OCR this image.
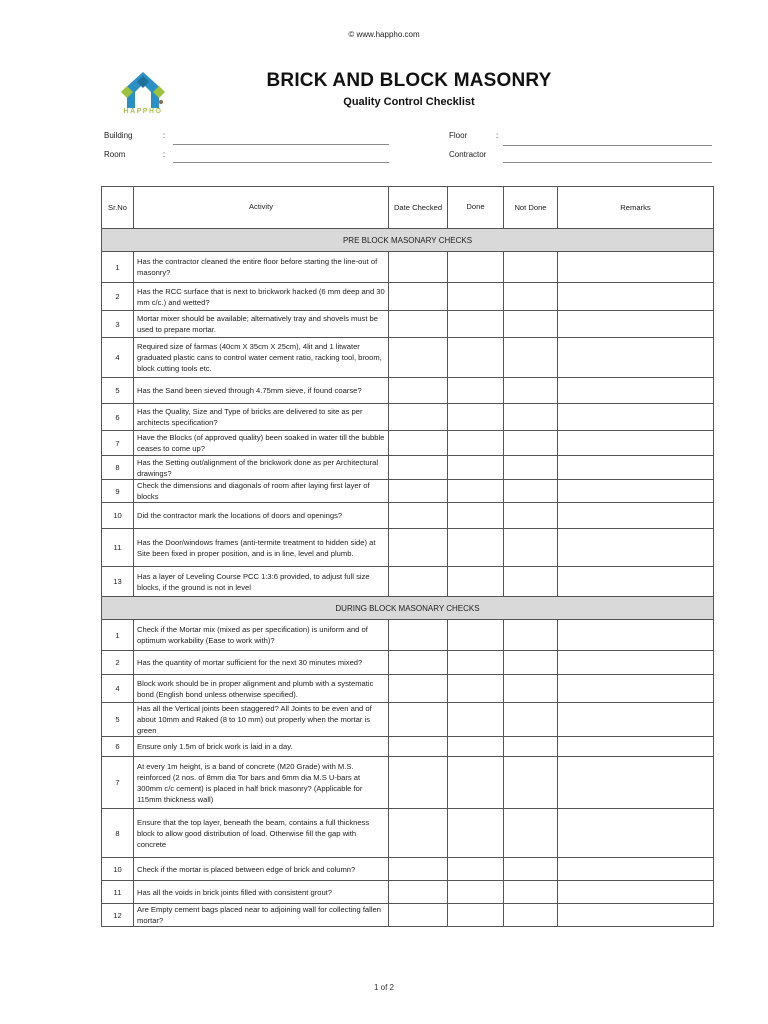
© www.happho.com
HAPPHO
BRICK AND BLOCK MASONRY
Quality Control Checklist
Building	:
Room	:
Floor	:
Contractor
Sr.No	Activity	Date Checked	Done	Not Done	Remarks
PRE BLOCK MASONARY CHECKS					
1	Has the contractor cleaned the entire floor before starting the line-out of masonry?				
2	Has the RCC surface that is next to brickwork hacked (6 mm deep and 30 mm c/c.) and wetted?				
3	Mortar mixer should be available; alternatively tray and shovels must be used to prepare mortar.				
4	Required size of farmas (40cm X 35cm X 25cm), 4lit and 1 litwater graduated plastic cans to control water cement ratio, racking tool, broom, block cutting tools etc.				
5	Has the Sand been sieved through 4.75mm sieve, if found coarse?				
6	Has the Quality, Size and Type of bricks are delivered to site as per architects specification?				
7	Have the Blocks (of approved quality) been soaked in water till the bubble ceases to come up?				
8	Has the Setting out/alignment of the brickwork done as per Architectural drawings?				
9	Check the dimensions and diagonals of room after laying first layer of blocks				
10	Did the contractor mark the locations of doors and openings?				
11	Has the Door/windows frames (anti-termite treatment to hidden side) at Site been fixed in proper position, and is in line, level and plumb.				
13	Has a layer of Leveling Course PCC 1:3:6 provided, to adjust full size blocks, if the ground is not in level				
DURING BLOCK MASONARY CHECKS					
1	Check if the Mortar mix (mixed as per specification) is uniform and of optimum workability (Ease to work with)?				
2	Has the quantity of mortar sufficient for the next 30 minutes mixed?				
4	Block work should be in proper alignment and plumb with a systematic bond (English bond unless otherwise specified).				
5	Has all the Vertical joints been staggered? All Joints to be even and of about 10mm and Raked (8 to 10 mm) out properly when the mortar is green				
6	Ensure only 1.5m of brick work is laid in a day.				
7	At every 1m height, is a band of concrete (M20 Grade) with M.S. reinforced (2 nos. of 8mm dia Tor bars and 6mm dia M.S U-bars at 300mm c/c cement) is placed in half brick masonry? (Applicable for 115mm thickness wall)				
8	Ensure that the top layer, beneath the beam, contains a full thickness block to allow good distribution of load. Otherwise fill the gap with concrete				
10	Check if the mortar is placed between edge of brick and column?				
11	Has all the voids in brick joints filled with consistent grout?				
12	Are Empty cement bags placed near to adjoining wall for collecting fallen mortar?				
1 of 2
